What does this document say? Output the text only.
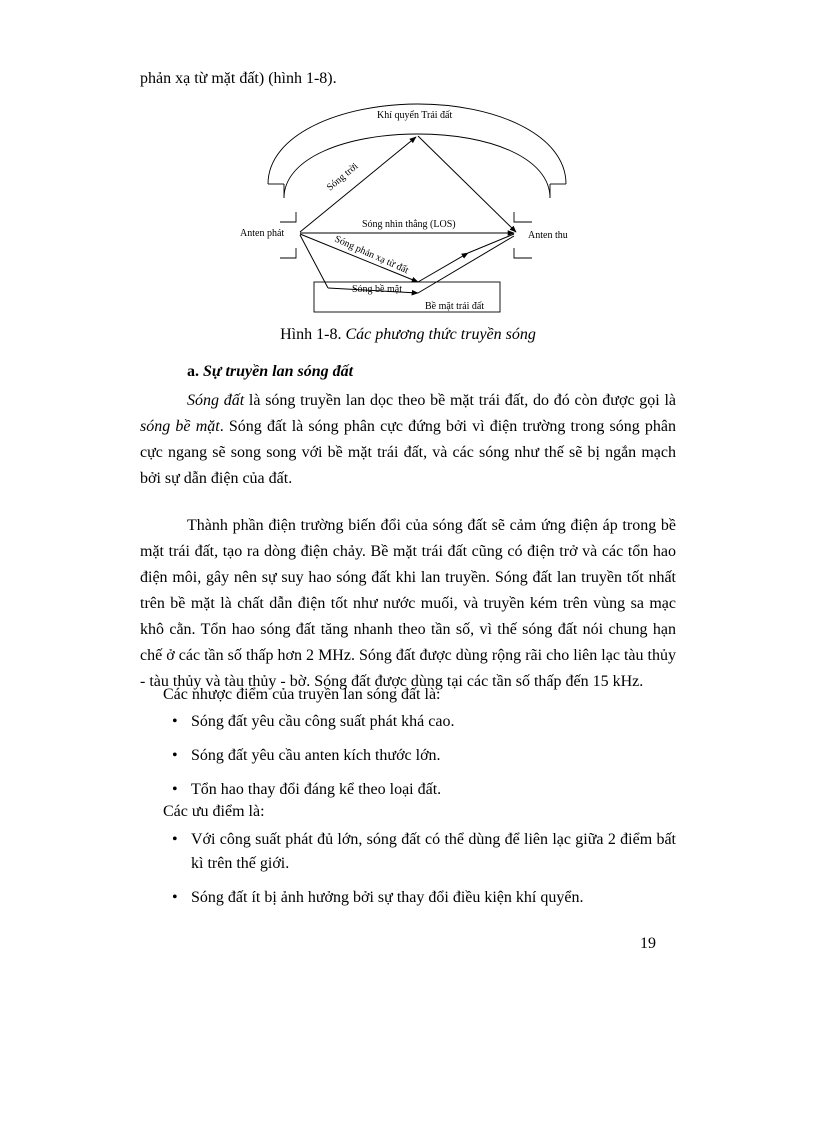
phản xạ từ mặt đất) (hình 1-8).
Khí quyển Trái đất
Anten phát	Anten thu
Sóng trời
Sóng nhìn thẳng (LOS)
Sóng phản xạ từ đất
Sóng bề mặt
Bề mặt trái đất
Hình 1-8. Các phương thức truyền sóng
a. Sự truyền lan sóng đất

Sóng đất là sóng truyền lan dọc theo bề mặt trái đất, do đó còn được gọi là sóng bề mặt. Sóng đất là sóng phân cực đứng bởi vì điện trường trong sóng phân cực ngang sẽ song song với bề mặt trái đất, và các sóng như thế sẽ bị ngắn mạch bởi sự dẫn điện của đất.

Thành phần điện trường biến đổi của sóng đất sẽ cảm ứng điện áp trong bề mặt trái đất, tạo ra dòng điện chảy. Bề mặt trái đất cũng có điện trở và các tổn hao điện môi, gây nên sự suy hao sóng đất khi lan truyền. Sóng đất lan truyền tốt nhất trên bề mặt là chất dẫn điện tốt như nước muối, và truyền kém trên vùng sa mạc khô cằn. Tổn hao sóng đất tăng nhanh theo tần số, vì thế sóng đất nói chung hạn chế ở các tần số thấp hơn 2 MHz. Sóng đất được dùng rộng rãi cho liên lạc tàu thủy - tàu thủy và tàu thủy - bờ. Sóng đất được dùng tại các tần số thấp đến 15 kHz.

Các nhược điểm của truyền lan sóng đất là:
• Sóng đất yêu cầu công suất phát khá cao.
• Sóng đất yêu cầu anten kích thước lớn.
• Tổn hao thay đổi đáng kể theo loại đất.
Các ưu điểm là:
• Với công suất phát đủ lớn, sóng đất có thể dùng để liên lạc giữa 2 điểm bất kì trên thế giới.
• Sóng đất ít bị ảnh hưởng bởi sự thay đổi điều kiện khí quyển.
19
